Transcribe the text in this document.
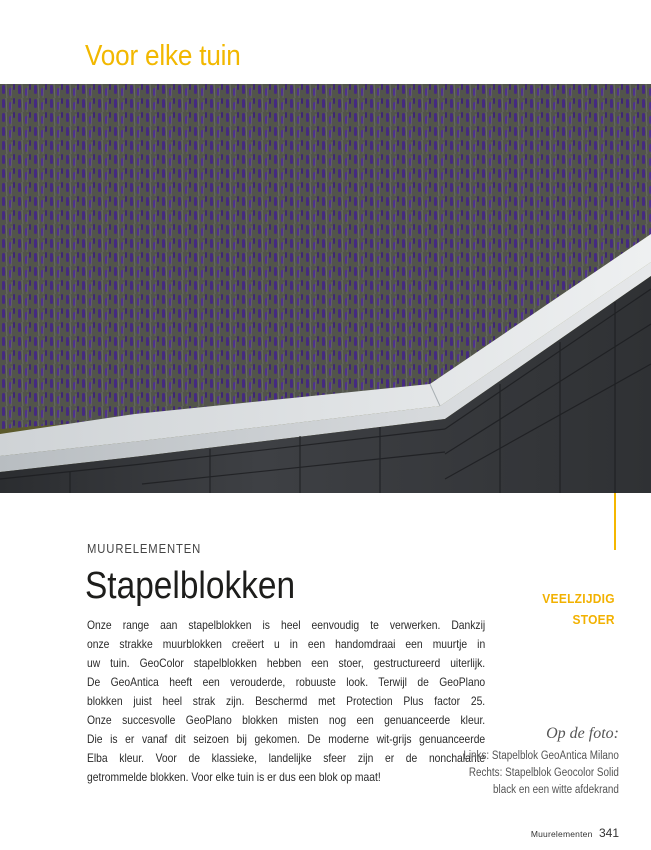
Voor elke tuin
MUURELEMENTEN
Stapelblokken
Onze range aan stapelblokken is heel eenvoudig te verwerken. Dankzij
onze strakke muurblokken creëert u in een handomdraai een muurtje in
uw tuin. GeoColor stapelblokken hebben een stoer, gestructureerd uiterlijk.
De GeoAntica heeft een verouderde, robuuste look. Terwijl de GeoPlano
blokken juist heel strak zijn. Beschermd met Protection Plus factor 25.
Onze succesvolle GeoPlano blokken misten nog een genuanceerde kleur.
Die is er vanaf dit seizoen bij gekomen. De moderne wit-grijs genuanceerde
Elba kleur. Voor de klassieke, landelijke sfeer zijn er de nonchalante
getrommelde blokken. Voor elke tuin is er dus een blok op maat!
VEELZIJDIG
STOER
Op de foto:
Links: Stapelblok GeoAntica Milano
Rechts: Stapelblok Geocolor Solid
black en een witte afdekrand
Muurelementen 341
